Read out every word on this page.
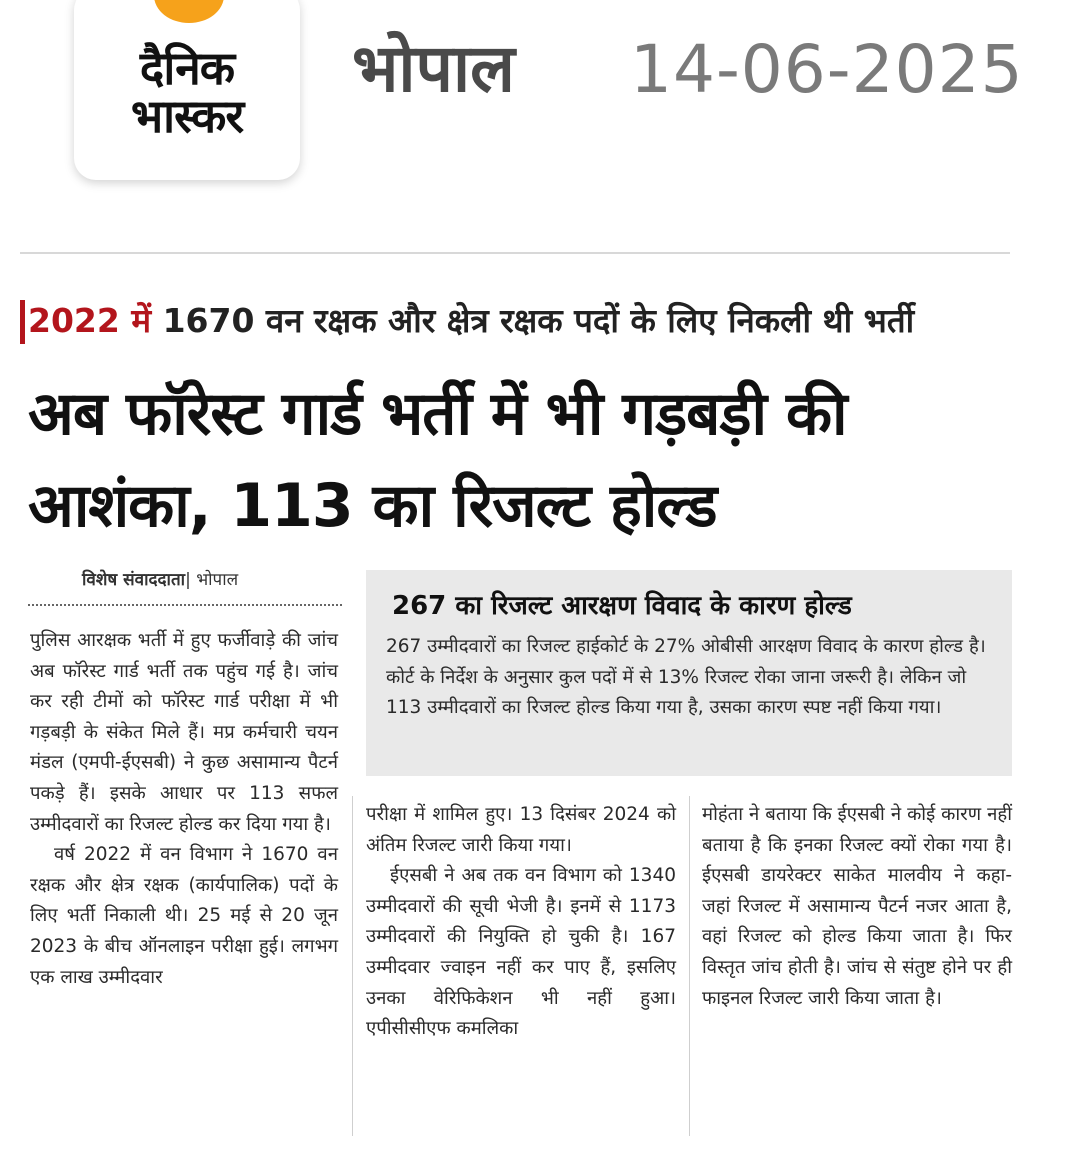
दैनिक
भास्कर
भोपाल 14-06-2025
2022 में 1670 वन रक्षक और क्षेत्र रक्षक पदों के लिए निकली थी भर्ती
अब फॉरेस्ट गार्ड भर्ती में भी गड़बड़ी की आशंका, 113 का रिजल्ट होल्ड
विशेष संवाददाता| भोपाल
267 का रिजल्ट आरक्षण विवाद के कारण होल्ड
267 उम्मीदवारों का रिजल्ट हाईकोर्ट के 27% ओबीसी आरक्षण विवाद के कारण होल्ड है। कोर्ट के निर्देश के अनुसार कुल पदों में से 13% रिजल्ट रोका जाना जरूरी है। लेकिन जो 113 उम्मीदवारों का रिजल्ट होल्ड किया गया है, उसका कारण स्पष्ट नहीं किया गया।

पुलिस आरक्षक भर्ती में हुए फर्जीवाड़े की जांच अब फॉरेस्ट गार्ड भर्ती तक पहुंच गई है। जांच कर रही टीमों को फॉरेस्ट गार्ड परीक्षा में भी गड़बड़ी के संकेत मिले हैं। मप्र कर्मचारी चयन मंडल (एमपी-ईएसबी) ने कुछ असामान्य पैटर्न पकड़े हैं। इसके आधार पर 113 सफल उम्मीदवारों का रिजल्ट होल्ड कर दिया गया है।

वर्ष 2022 में वन विभाग ने 1670 वन रक्षक और क्षेत्र रक्षक (कार्यपालिक) पदों के लिए भर्ती निकाली थी। 25 मई से 20 जून 2023 के बीच ऑनलाइन परीक्षा हुई। लगभग एक लाख उम्मीदवार

परीक्षा में शामिल हुए। 13 दिसंबर 2024 को अंतिम रिजल्ट जारी किया गया।

ईएसबी ने अब तक वन विभाग को 1340 उम्मीदवारों की सूची भेजी है। इनमें से 1173 उम्मीदवारों की नियुक्ति हो चुकी है। 167 उम्मीदवार ज्वाइन नहीं कर पाए हैं, इसलिए उनका वेरिफिकेशन भी नहीं हुआ। एपीसीसीएफ कमलिका

मोहंता ने बताया कि ईएसबी ने कोई कारण नहीं बताया है कि इनका रिजल्ट क्यों रोका गया है। ईएसबी डायरेक्टर साकेत मालवीय ने कहा- जहां रिजल्ट में असामान्य पैटर्न नजर आता है, वहां रिजल्ट को होल्ड किया जाता है। फिर विस्तृत जांच होती है। जांच से संतुष्ट होने पर ही फाइनल रिजल्ट जारी किया जाता है।
